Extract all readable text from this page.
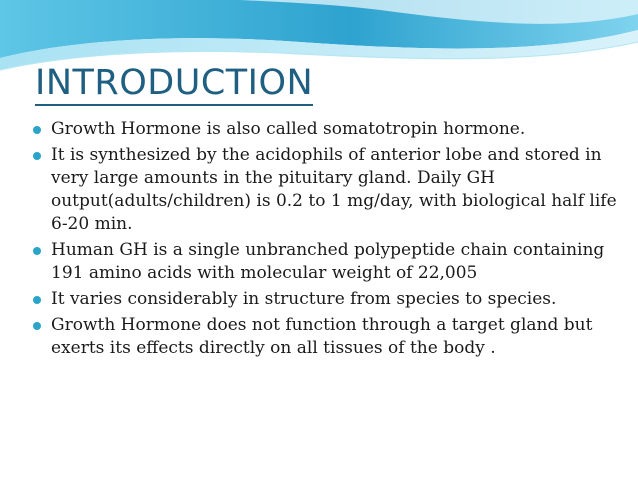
INTRODUCTION
Growth Hormone is also called somatotropin hormone.
It is synthesized by the acidophils of anterior lobe and stored in very large amounts in the pituitary gland. Daily GH output(adults/children) is 0.2 to 1 mg/day, with biological half life 6-20 min.
Human GH is a single unbranched polypeptide chain containing 191 amino acids with molecular weight of 22,005
It varies considerably in structure from species to species.
Growth Hormone does not function through a target gland but exerts its effects directly on all tissues of the body .
